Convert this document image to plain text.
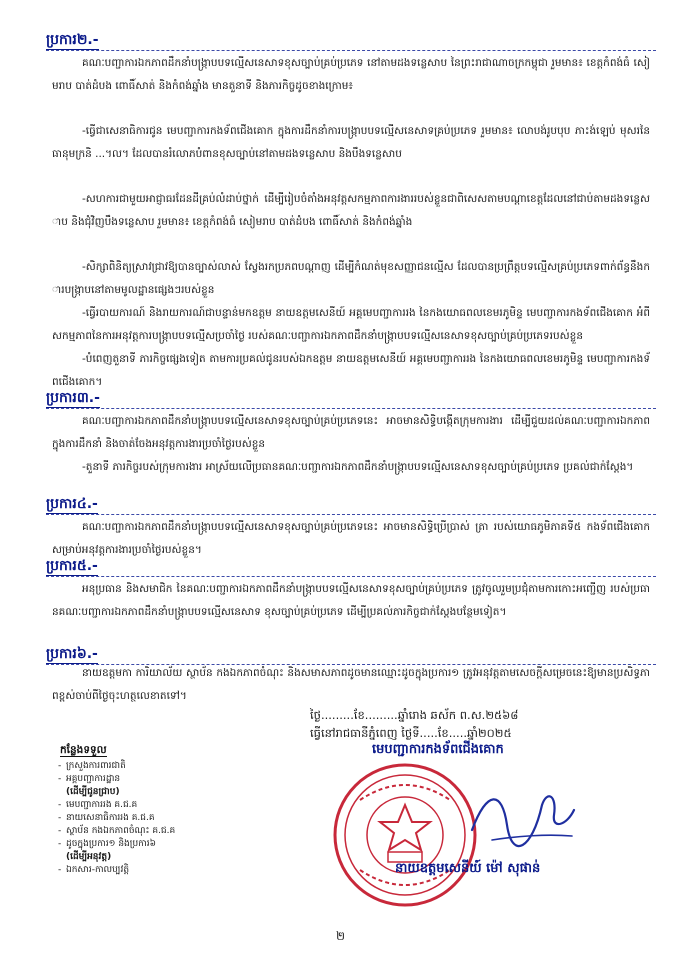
ប្រការ២.-

គណៈបញ្ជាការឯកភាពដឹកនាំបង្ក្រាបបទល្មើសនេសាទខុសច្បាប់គ្រប់ប្រភេទ នៅតាមដងទន្លេសាប នៃព្រះរាជាណាចក្រកម្ពុជា រួមមាន៖ ខេត្តកំពង់ធំ សៀមរាប បាត់ដំបង ពោធិ៍សាត់ និងកំពង់ឆ្នាំង មានតួនាទី និងភារកិច្ចដូចខាងក្រោម៖

-ធ្វើជាសេនាធិការជូន មេបញ្ជាការកងទ័ពជើងគោក ក្នុងការដឹកនាំការបង្ក្រាបបទល្មើសនេសាទគ្រប់ប្រភេទ រួមមាន៖ លោបង់រូបបុប ភាះង់ឡេប់ មុសរនៃ ធានុមក្រនិ ...។ល។ ដែលបានរំលោភបំពានខុសច្បាប់នៅតាមដងទន្លេសាប និងបឹងទន្លេសាប

-សហការជាមួយអាជ្ញាធរដែនដីគ្រប់លំដាប់ថ្នាក់ ដើម្បីរៀបចំតាំងអនុវត្តសកម្មភាពការងាររបស់ខ្លួនជាពិសេសតាមបណ្តាខេត្តដែលនៅជាប់តាមដងទន្លេសាប និងជុំវិញបឹងទន្លេសាប រួមមាន៖ ខេត្តកំពង់ធំ សៀមរាប បាត់ដំបង ពោធិ៍សាត់ និងកំពង់ឆ្នាំង

-សិក្សាពិនិត្យស្រាវជ្រាវឱ្យបានច្បាស់លាស់ ស្វែងរកប្រភពបណ្តាញ ដើម្បីកំណត់មុខសញ្ញាជនល្មើស ដែលបានប្រព្រឹត្តបទល្មើសគ្រប់ប្រភេទពាក់ព័ន្ធនឹងការបង្ក្រាបនៅតាមមូលដ្ឋានផ្សេងៗរបស់ខ្លួន

-ធ្វើរបាយការណ៍ និងរាយការណ៍ជាបន្ទាន់មកឧត្តម នាយឧត្តមសេនីយ៍ អគ្គមេបញ្ជាការរង នៃកងយោធពលខេមរភូមិន្ទ មេបញ្ជាការកងទ័ពជើងគោក អំពីសកម្មភាពនៃការអនុវត្តការបង្ក្រាបបទល្មើសប្រចាំថ្ងៃ របស់គណៈបញ្ជាការឯកភាពដឹកនាំបង្ក្រាបបទល្មើសនេសាទខុសច្បាប់គ្រប់ប្រភេទរបស់ខ្លួន

-បំពេញតួនាទី ភារកិច្ចផ្សេងទៀត តាមការប្រគល់ជូនរបស់ឯកឧត្តម នាយឧត្តមសេនីយ៍ អគ្គមេបញ្ជាការរង នៃកងយោធពលខេមរភូមិន្ទ មេបញ្ជាការកងទ័ពជើងគោក។

ប្រការ៣.-

គណៈបញ្ជាការឯកភាពដឹកនាំបង្ក្រាបបទល្មើសនេសាទខុសច្បាប់គ្រប់ប្រភេទនេះ អាចមានសិទ្ធិបង្កើតក្រុមការងារ ដើម្បីជួយដល់គណៈបញ្ជាការឯកភាព ក្នុងការដឹកនាំ និងចាត់ចែងអនុវត្តការងារប្រចាំថ្ងៃរបស់ខ្លួន

-តួនាទី ភារកិច្ចរបស់ក្រុមការងារ អាស្រ័យលើប្រធានគណៈបញ្ជាការឯកភាពដឹកនាំបង្ក្រាបបទល្មើសនេសាទខុសច្បាប់គ្រប់ប្រភេទ ប្រគល់ជាក់ស្តែង។

ប្រការ៤.-

គណៈបញ្ជាការឯកភាពដឹកនាំបង្ក្រាបបទល្មើសនេសាទខុសច្បាប់គ្រប់ប្រភេទនេះ អាចមានសិទ្ធិប្រើប្រាស់ ត្រា របស់យោធភូមិភាគទី៥ កងទ័ពជើងគោក សម្រាប់អនុវត្តការងារប្រចាំថ្ងៃរបស់ខ្លួន។

ប្រការ៥.-

អនុប្រធាន និងសមាជិក នៃគណៈបញ្ជាការឯកភាពដឹកនាំបង្ក្រាបបទល្មើសនេសាទខុសច្បាប់គ្រប់ប្រភេទ ត្រូវចូលរួមប្រជុំតាមការកោះអញ្ជើញ របស់ប្រធានគណៈបញ្ជាការឯកភាពដឹកនាំបង្ក្រាបបទល្មើសនេសាទ ខុសច្បាប់គ្រប់ប្រភេទ ដើម្បីប្រគល់ភារកិច្ចជាក់ស្តែងបន្ថែមទៀត។

ប្រការ៦.-

នាយឧត្តមកា ការិយាល័យ ស្ថាប័ន កងឯកភាពចំណុះ និងសមាសភាពដូចមានឈ្មោះដូចក្នុងប្រការ១ ត្រូវអនុវត្តតាមសេចក្តីសម្រេចនេះឱ្យមានប្រសិទ្ធភាពខ្ពស់ចាប់ពីថ្ងៃចុះហត្ថលេខាតទៅ។

ថ្ងៃ.........ខែ.........ឆ្នាំរោង ឆស័ក ព.ស.២៥៦៨
ធ្វើនៅរាជធានីភ្នំពេញ ថ្ងៃទី.....ខែ.....ឆ្នាំ២០២៥
មេបញ្ជាការកងទ័ពជើងគោក
នាយឧត្តមសេនីយ៍ ម៉ៅ សុផាន់
កន្លែងទទួល
- ក្រសួងការពារជាតិ
- អគ្គបញ្ជាការដ្ឋាន
(ដើម្បីជូនជ្រាប)
- មេបញ្ជាការរង គ.ជ.គ
- នាយសេនាធិការរង គ.ជ.គ
- ស្ថាប័ន កងឯកភាពចំណុះ គ.ជ.គ
- ដូចក្នុងប្រការ១ និងប្រការ៦
(ដើម្បីអនុវត្ត)
- ឯកសារ-កាលប្បវត្តិ
២
